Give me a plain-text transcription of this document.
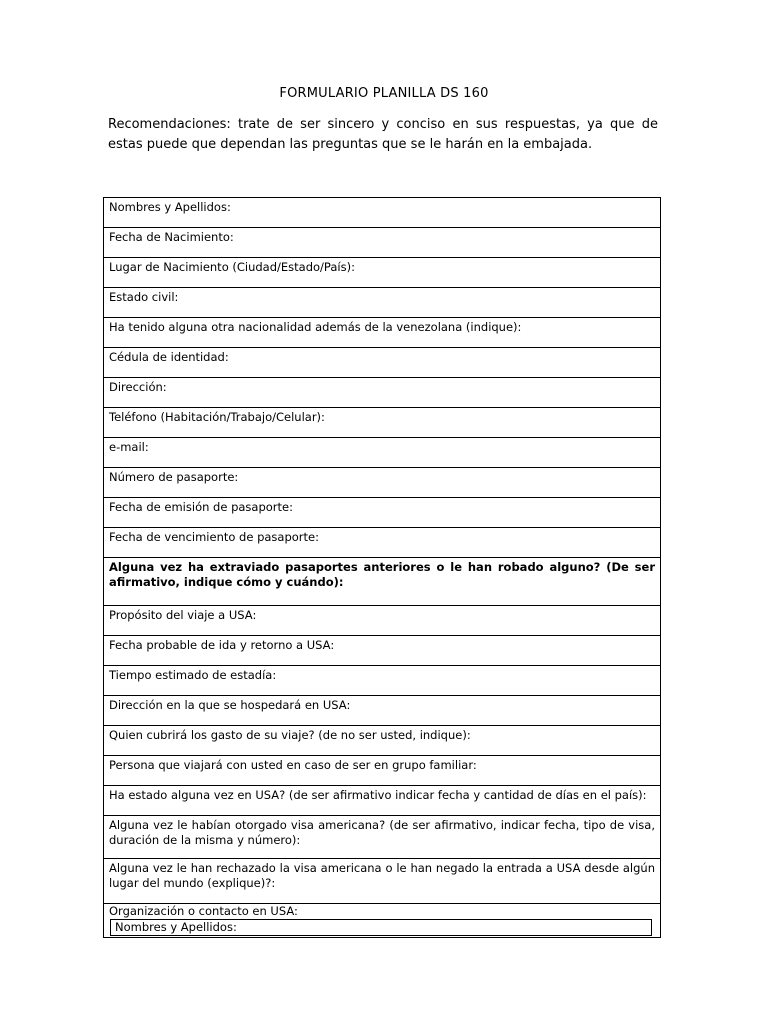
FORMULARIO PLANILLA DS 160
Recomendaciones: trate de ser sincero y conciso en sus respuestas, ya que de estas puede que dependan las preguntas que se le harán en la embajada.
Nombres y Apellidos:

Fecha de Nacimiento:

Lugar de Nacimiento (Ciudad/Estado/País):

Estado civil:

Ha tenido alguna otra nacionalidad además de la venezolana (indique):

Cédula de identidad:

Dirección:

Teléfono (Habitación/Trabajo/Celular):

e-mail:

Número de pasaporte:

Fecha de emisión de pasaporte:

Fecha de vencimiento de pasaporte:

Alguna vez ha extraviado pasaportes anteriores o le han robado alguno? (De ser afirmativo, indique cómo y cuándo):

Propósito del viaje a USA:

Fecha probable de ida y retorno a USA:

Tiempo estimado de estadía:

Dirección en la que se hospedará en USA:

Quien cubrirá los gasto de su viaje? (de no ser usted, indique):

Persona que viajará con usted en caso de ser en grupo familiar:

Ha estado alguna vez en USA? (de ser afirmativo indicar fecha y cantidad de días en el país):

Alguna vez le habían otorgado visa americana? (de ser afirmativo, indicar fecha, tipo de visa, duración de la misma y número):

Alguna vez le han rechazado la visa americana o le han negado la entrada a USA desde algún lugar del mundo (explique)?:

Organización o contacto en USA:
Nombres y Apellidos:
